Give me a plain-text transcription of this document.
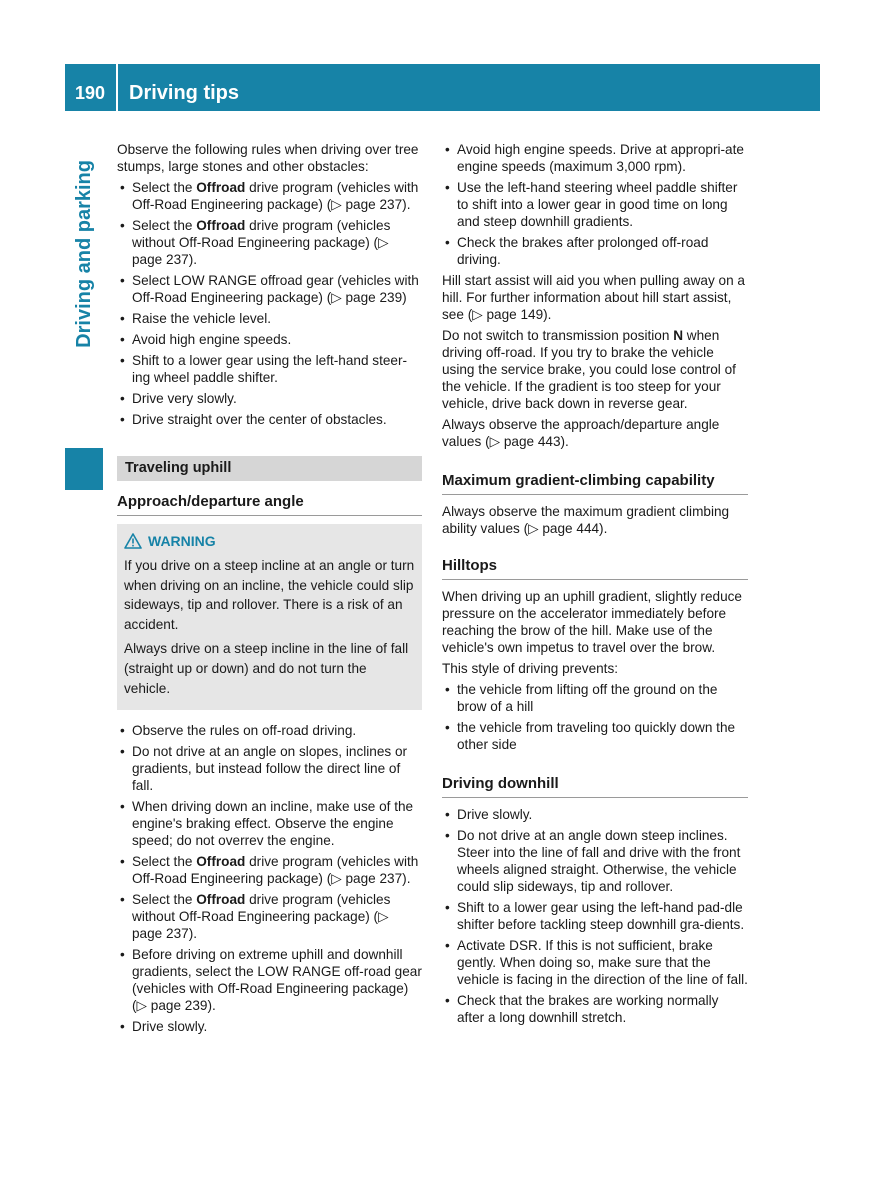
190	Driving tips
Driving and parking

Observe the following rules when driving over tree stumps, large stones and other obstacles:

• Select the Offroad drive program (vehicles with Off-Road Engineering package) (▷ page 237).
• Select the Offroad drive program (vehicles without Off-Road Engineering package) (▷ page 237).
• Select LOW RANGE offroad gear (vehicles with Off-Road Engineering package) (▷ page 239)
• Raise the vehicle level.
• Avoid high engine speeds.
• Shift to a lower gear using the left-hand steer-ing wheel paddle shifter.
• Drive very slowly.
• Drive straight over the center of obstacles.
Traveling uphill
Approach/departure angle
WARNING

If you drive on a steep incline at an angle or turn when driving on an incline, the vehicle could slip sideways, tip and rollover. There is a risk of an accident.

Always drive on a steep incline in the line of fall (straight up or down) and do not turn the vehicle.

• Observe the rules on off-road driving.
• Do not drive at an angle on slopes, inclines or gradients, but instead follow the direct line of fall.
• When driving down an incline, make use of the engine's braking effect. Observe the engine speed; do not overrev the engine.
• Select the Offroad drive program (vehicles with Off-Road Engineering package) (▷ page 237).
• Select the Offroad drive program (vehicles without Off-Road Engineering package) (▷ page 237).
• Before driving on extreme uphill and downhill gradients, select the LOW RANGE off-road gear (vehicles with Off-Road Engineering package) (▷ page 239).
• Drive slowly.
• Avoid high engine speeds. Drive at appropri-ate engine speeds (maximum 3,000 rpm).
• Use the left-hand steering wheel paddle shifter to shift into a lower gear in good time on long and steep downhill gradients.
• Check the brakes after prolonged off-road driving.

Hill start assist will aid you when pulling away on a hill. For further information about hill start assist, see (▷ page 149).

Do not switch to transmission position N when driving off-road. If you try to brake the vehicle using the service brake, you could lose control of the vehicle. If the gradient is too steep for your vehicle, drive back down in reverse gear.

Always observe the approach/departure angle values (▷ page 443).

Maximum gradient-climbing capability

Always observe the maximum gradient climbing ability values (▷ page 444).

Hilltops

When driving up an uphill gradient, slightly reduce pressure on the accelerator immediately before reaching the brow of the hill. Make use of the vehicle's own impetus to travel over the brow.

This style of driving prevents:

• the vehicle from lifting off the ground on the brow of a hill
• the vehicle from traveling too quickly down the other side
Driving downhill
• Drive slowly.
• Do not drive at an angle down steep inclines. Steer into the line of fall and drive with the front wheels aligned straight. Otherwise, the vehicle could slip sideways, tip and rollover.
• Shift to a lower gear using the left-hand pad-dle shifter before tackling steep downhill gra-dients.
• Activate DSR. If this is not sufficient, brake gently. When doing so, make sure that the vehicle is facing in the direction of the line of fall.
• Check that the brakes are working normally after a long downhill stretch.
